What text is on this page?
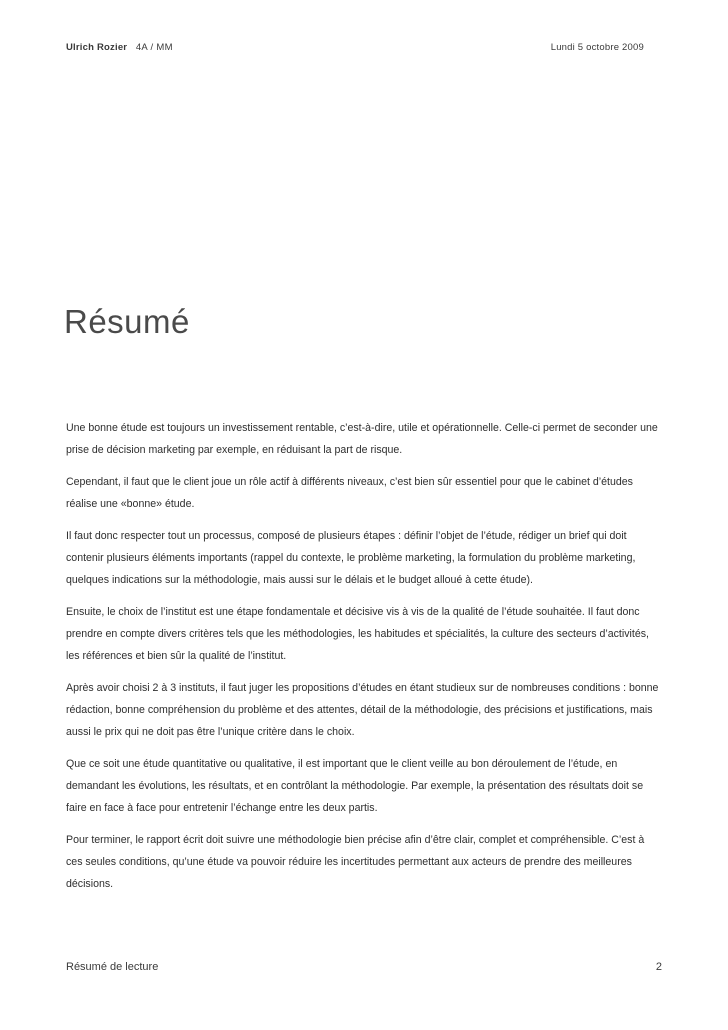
Ulrich Rozier 4A / MM	Lundi 5 octobre 2009
Résumé

Une bonne étude est toujours un investissement rentable, c’est-à-dire, utile et opérationnelle. Celle-ci permet de seconder une prise de décision marketing par exemple, en réduisant la part de risque.

Cependant, il faut que le client joue un rôle actif à différents niveaux, c’est bien sûr essentiel pour que le cabinet d’études réalise une «bonne» étude.

Il faut donc respecter tout un processus, composé de plusieurs étapes : définir l’objet de l’étude, rédiger un brief qui doit contenir plusieurs éléments importants (rappel du contexte, le problème marketing, la formulation du problème marketing, quelques indications sur la méthodologie, mais aussi sur le délais et le budget alloué à cette étude).

Ensuite, le choix de l’institut est une étape fondamentale et décisive vis à vis de la qualité de l’étude souhaitée. Il faut donc prendre en compte divers critères tels que les méthodologies, les habitudes et spécialités, la culture des secteurs d’activités, les références et bien sûr la qualité de l’institut.

Après avoir choisi 2 à 3 instituts, il faut juger les propositions d’études en étant studieux sur de nombreuses conditions : bonne rédaction, bonne compréhension du problème et des attentes, détail de la méthodologie, des précisions et justifications, mais aussi le prix qui ne doit pas être l’unique critère dans le choix.

Que ce soit une étude quantitative ou qualitative, il est important que le client veille au bon déroulement de l’étude, en demandant les évolutions, les résultats, et en contrôlant la méthodologie. Par exemple, la présentation des résultats doit se faire en face à face pour entretenir l’échange entre les deux partis.

Pour terminer, le rapport écrit doit suivre une méthodologie bien précise afin d’être clair, complet et compréhensible. C’est à ces seules conditions, qu’une étude va pouvoir réduire les incertitudes permettant aux acteurs de prendre des meilleures décisions.

Résumé de lecture	2
